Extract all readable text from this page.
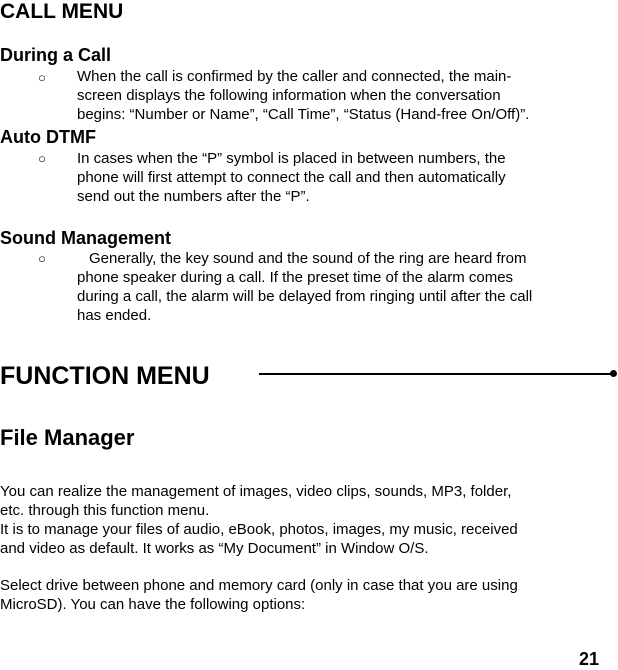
CALL MENU
During a Call
○ When the call is confirmed by the caller and connected, the main-
screen displays the following information when the conversation
begins: “Number or Name”, “Call Time”, “Status (Hand-free On/Off)”.
Auto DTMF
○ In cases when the “P” symbol is placed in between numbers, the
phone will first attempt to connect the call and then automatically
send out the numbers after the “P”.
Sound Management
○	Generally, the key sound and the sound of the ring are heard from
phone speaker during a call. If the preset time of the alarm comes
during a call, the alarm will be delayed from ringing until after the call
has ended.
FUNCTION MENU
File Manager
You can realize the management of images, video clips, sounds, MP3, folder,
etc. through this function menu.
It is to manage your files of audio, eBook, photos, images, my music, received
and video as default. It works as “My Document” in Window O/S.
Select drive between phone and memory card (only in case that you are using
MicroSD). You can have the following options:
21
